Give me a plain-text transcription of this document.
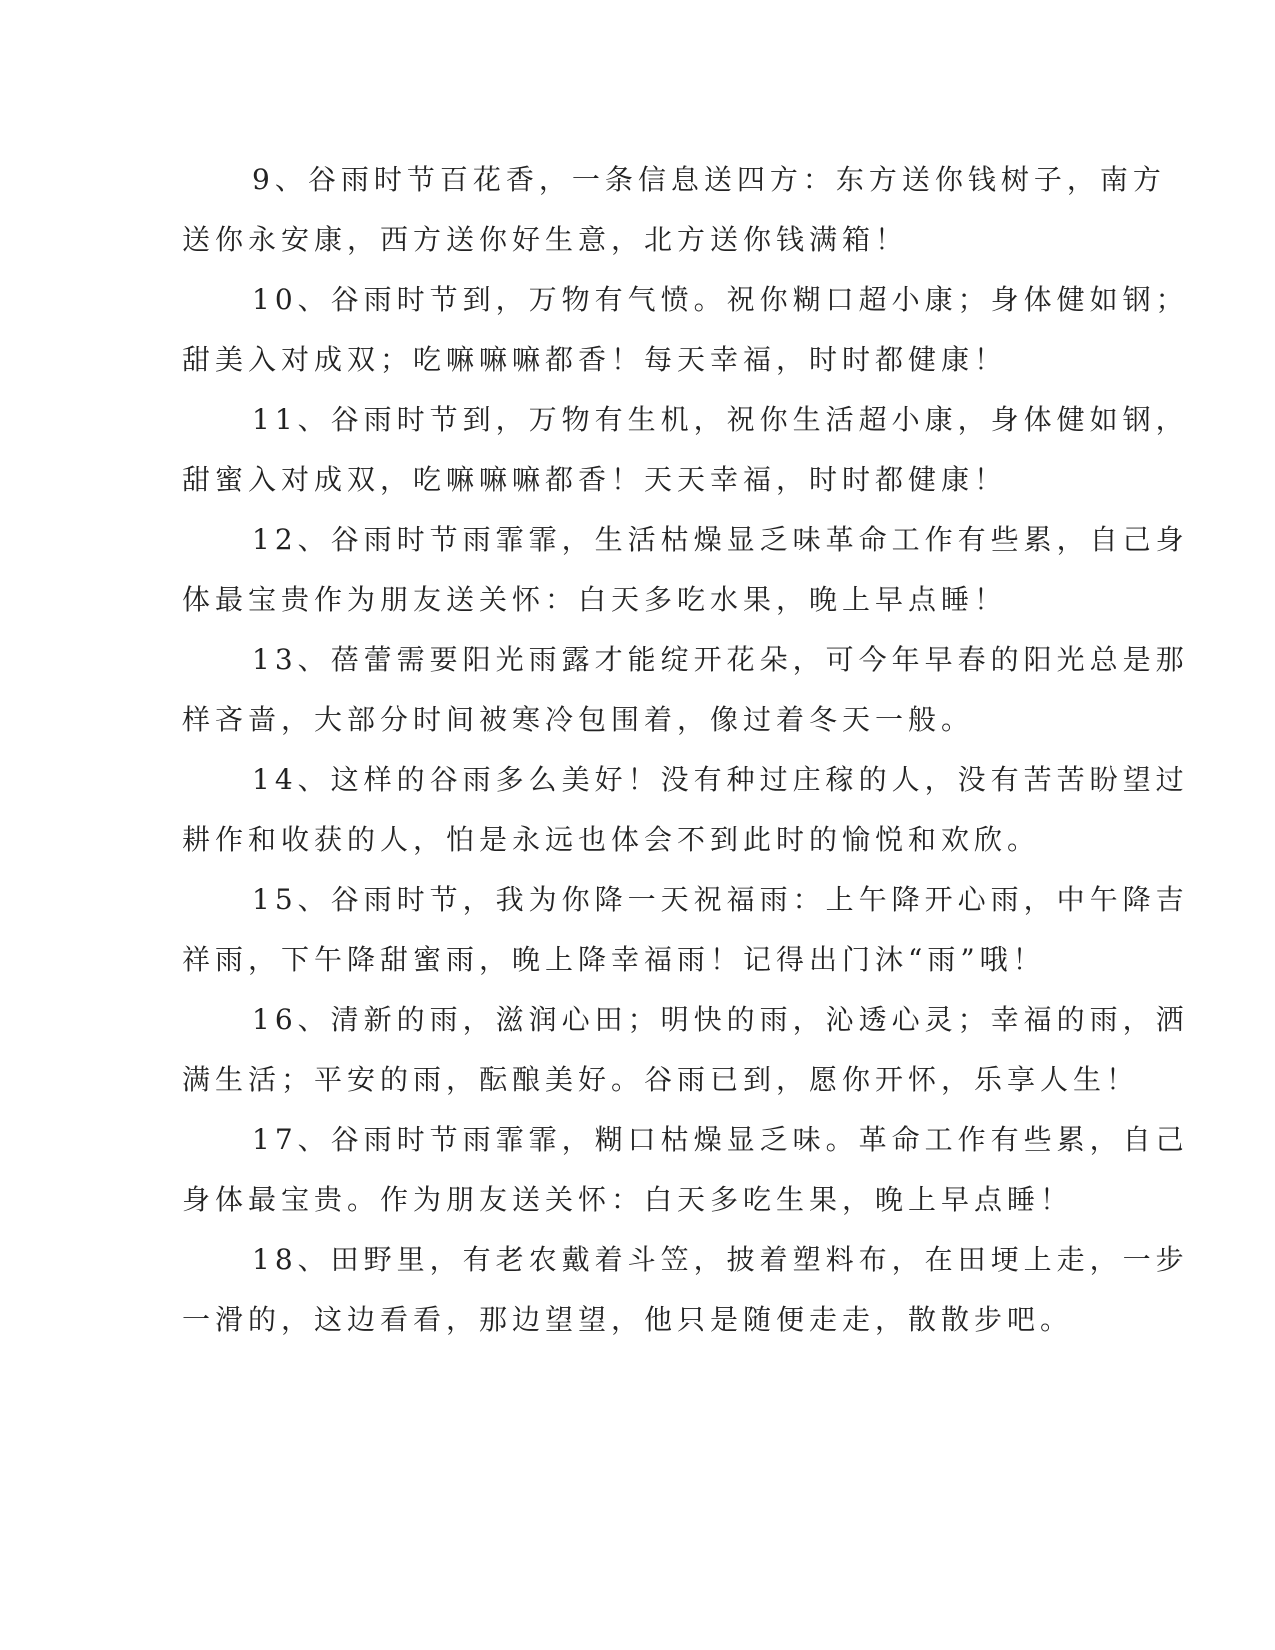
9、谷雨时节百花香，一条信息送四方：东方送你钱树子，南方
送你永安康，西方送你好生意，北方送你钱满箱！
10、谷雨时节到，万物有气愤。祝你糊口超小康；身体健如钢；
甜美入对成双；吃嘛嘛嘛都香！每天幸福，时时都健康！
11、谷雨时节到，万物有生机，祝你生活超小康，身体健如钢，
甜蜜入对成双，吃嘛嘛嘛都香！天天幸福，时时都健康！
12、谷雨时节雨霏霏，生活枯燥显乏味革命工作有些累，自己身
体最宝贵作为朋友送关怀：白天多吃水果，晚上早点睡！
13、蓓蕾需要阳光雨露才能绽开花朵，可今年早春的阳光总是那
样吝啬，大部分时间被寒冷包围着，像过着冬天一般。
14、这样的谷雨多么美好！没有种过庄稼的人，没有苦苦盼望过
耕作和收获的人，怕是永远也体会不到此时的愉悦和欢欣。
15、谷雨时节，我为你降一天祝福雨：上午降开心雨，中午降吉
祥雨，下午降甜蜜雨，晚上降幸福雨！记得出门沐“雨”哦！
16、清新的雨，滋润心田；明快的雨，沁透心灵；幸福的雨，洒
满生活；平安的雨，酝酿美好。谷雨已到，愿你开怀，乐享人生！
17、谷雨时节雨霏霏，糊口枯燥显乏味。革命工作有些累，自己
身体最宝贵。作为朋友送关怀：白天多吃生果，晚上早点睡！
18、田野里，有老农戴着斗笠，披着塑料布，在田埂上走，一步
一滑的，这边看看，那边望望，他只是随便走走，散散步吧。
